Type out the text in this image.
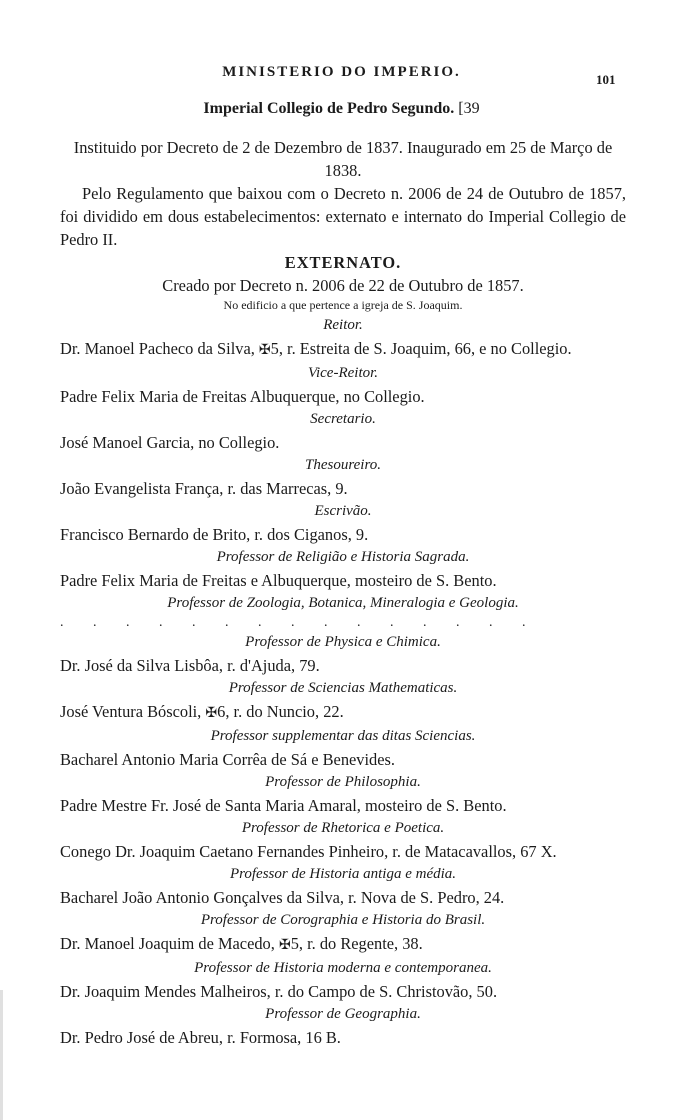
MINISTERIO DO IMPERIO.	101
Imperial Collegio de Pedro Segundo. [39

Instituido por Decreto de 2 de Dezembro de 1837. Inaugurado em 25 de Março de 1838.

Pelo Regulamento que baixou com o Decreto n. 2006 de 24 de Outubro de 1857, foi dividido em dous estabelecimentos: externato e internato do Imperial Collegio de Pedro II.

EXTERNATO.

Creado por Decreto n. 2006 de 22 de Outubro de 1857.

No edificio a que pertence a igreja de S. Joaquim.

Reitor.

Dr. Manoel Pacheco da Silva, ✠5, r. Estreita de S. Joaquim, 66, e no Collegio.

Vice-Reitor.

Padre Felix Maria de Freitas Albuquerque, no Collegio.

Secretario.

José Manoel Garcia, no Collegio.

Thesoureiro.

João Evangelista França, r. das Marrecas, 9.

Escrivão.

Francisco Bernardo de Brito, r. dos Ciganos, 9.

Professor de Religião e Historia Sagrada.

Padre Felix Maria de Freitas e Albuquerque, mosteiro de S. Bento.

Professor de Zoologia, Botanica, Mineralogia e Geologia.

. . . . . . . . . . . . . . .

Professor de Physica e Chimica.

Dr. José da Silva Lisbôa, r. d'Ajuda, 79.

Professor de Sciencias Mathematicas.

José Ventura Bóscoli, ✠6, r. do Nuncio, 22.

Professor supplementar das ditas Sciencias.

Bacharel Antonio Maria Corrêa de Sá e Benevides.

Professor de Philosophia.

Padre Mestre Fr. José de Santa Maria Amaral, mosteiro de S. Bento.

Professor de Rhetorica e Poetica.

Conego Dr. Joaquim Caetano Fernandes Pinheiro, r. de Matacavallos, 67 X.

Professor de Historia antiga e média.

Bacharel João Antonio Gonçalves da Silva, r. Nova de S. Pedro, 24.

Professor de Corographia e Historia do Brasil.

Dr. Manoel Joaquim de Macedo, ✠5, r. do Regente, 38.

Professor de Historia moderna e contemporanea.

Dr. Joaquim Mendes Malheiros, r. do Campo de S. Christovão, 50.

Professor de Geographia.

Dr. Pedro José de Abreu, r. Formosa, 16 B.
